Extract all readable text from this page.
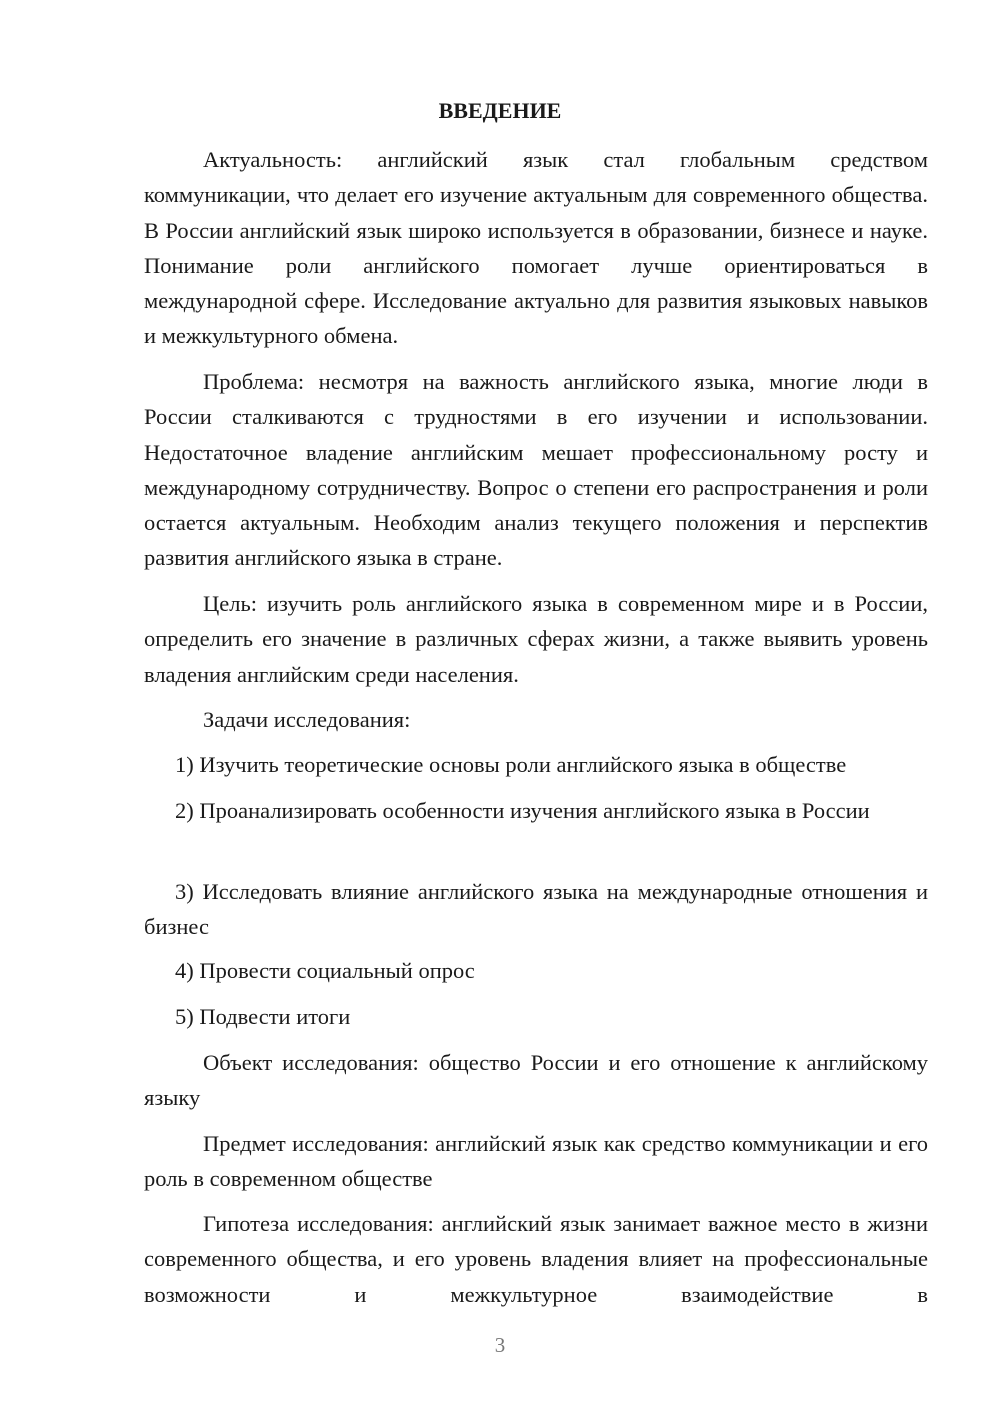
ВВЕДЕНИЕ

Актуальность: английский язык стал глобальным средством коммуникации, что делает его изучение актуальным для современного общества. В России английский язык широко используется в образовании, бизнесе и науке. Понимание роли английского помогает лучше ориентироваться в международной сфере. Исследование актуально для развития языковых навыков и межкультурного обмена.

Проблема: несмотря на важность английского языка, многие люди в России сталкиваются с трудностями в его изучении и использовании. Недостаточное владение английским мешает профессиональному росту и международному сотрудничеству. Вопрос о степени его распространения и роли остается актуальным. Необходим анализ текущего положения и перспектив развития английского языка в стране.

Цель: изучить роль английского языка в современном мире и в России, определить его значение в различных сферах жизни, а также выявить уровень владения английским среди населения.

Задачи исследования:
1) Изучить теоретические основы роли английского языка в обществе

2) Проанализировать особенности изучения английского языка в России

3) Исследовать влияние английского языка на международные отношения и бизнес

4) Провести социальный опрос
5) Подвести итоги

Объект исследования: общество России и его отношение к английскому языку

Предмет исследования: английский язык как средство коммуникации и его роль в современном обществе

Гипотеза исследования: английский язык занимает важное место в жизни современного общества, и его уровень владения влияет на профессиональные возможности и межкультурное взаимодействие в

3
